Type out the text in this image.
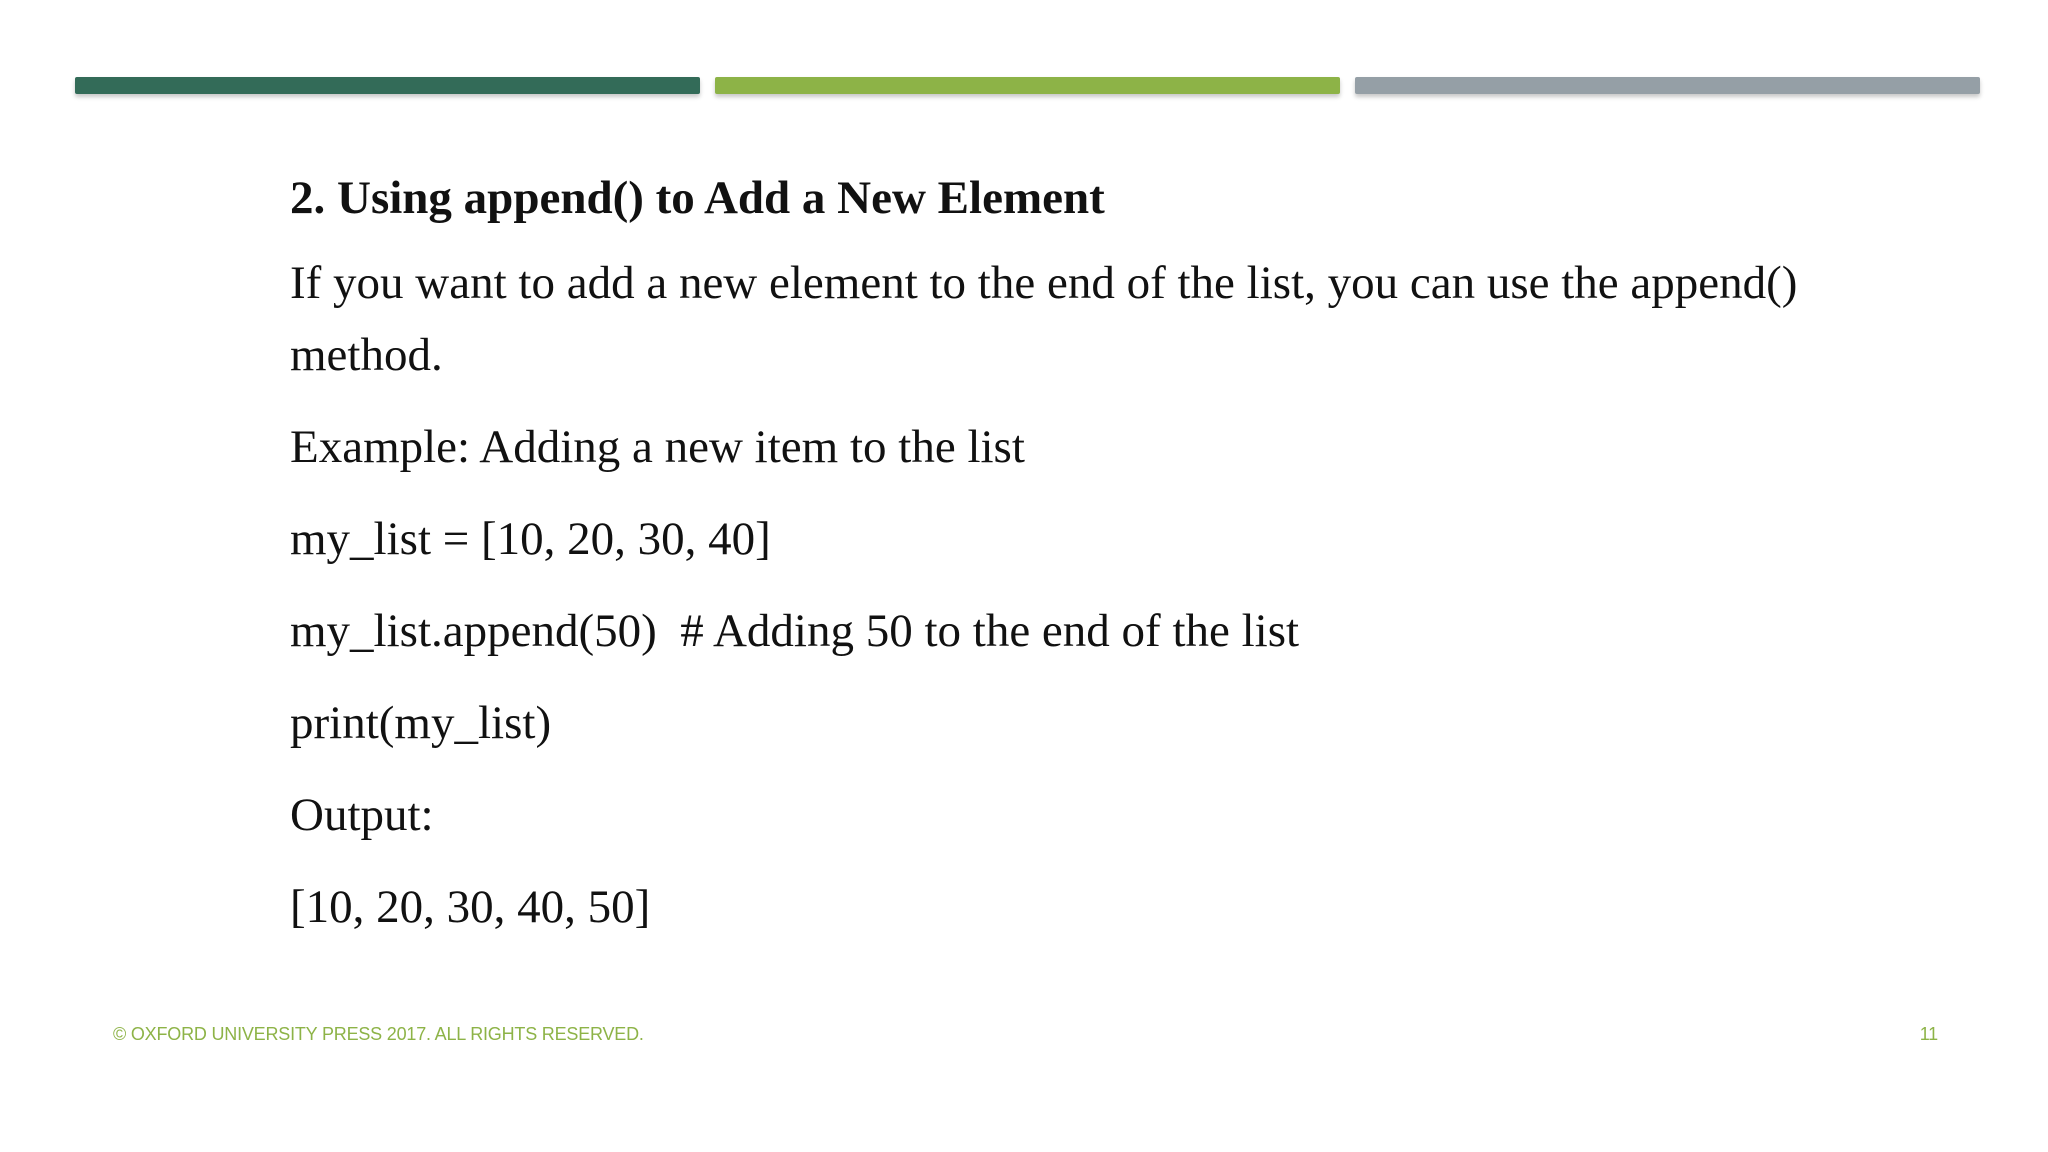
2. Using append() to Add a New Element
If you want to add a new element to the end of the list, you can use the append() method.
Example: Adding a new item to the list
my_list = [10, 20, 30, 40]
my_list.append(50)  # Adding 50 to the end of the list
print(my_list)
Output:
[10, 20, 30, 40, 50]
© OXFORD UNIVERSITY PRESS 2017. ALL RIGHTS RESERVED.	11
